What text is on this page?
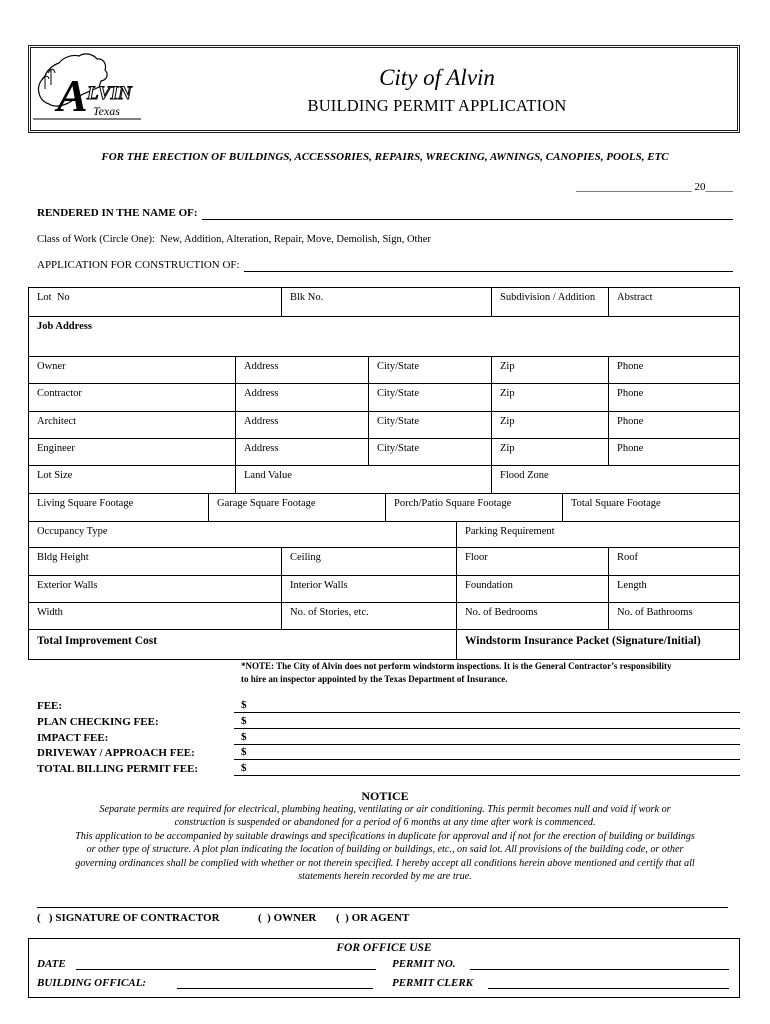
A LVIN
Texas
City of Alvin
BUILDING PERMIT APPLICATION
FOR THE ERECTION OF BUILDINGS, ACCESSORIES, REPAIRS, WRECKING, AWNINGS, CANOPIES, POOLS, ETC
_____________________ 20_____
RENDERED IN THE NAME OF:
Class of Work (Circle One):  New, Addition, Alteration, Repair, Move, Demolish, Sign, Other
APPLICATION FOR CONSTRUCTION OF:
Lot  No	Blk No.	Subdivision / Addition	Abstract
Job Address
Owner	Address	City/State	Zip	Phone
Contractor	Address	City/State	Zip	Phone
Architect	Address	City/State	Zip	Phone
Engineer	Address	City/State	Zip	Phone
Lot Size	Land Value	Flood Zone
Living Square Footage	Garage Square Footage	Porch/Patio Square Footage	Total Square Footage
Occupancy Type	Parking Requirement
Bldg Height	Ceiling	Floor	Roof
Exterior Walls	Interior Walls	Foundation	Length
Width	No. of Stories, etc.	No. of Bedrooms	No. of Bathrooms
Total Improvement Cost	Windstorm Insurance Packet (Signature/Initial)
*NOTE: The City of Alvin does not perform windstorm inspections. It is the General Contractor’s responsibility
to hire an inspector appointed by the Texas Department of Insurance.
FEE:	$
PLAN CHECKING FEE:	$
IMPACT FEE:	$
DRIVEWAY / APPROACH FEE:	$
TOTAL BILLING PERMIT FEE:	$
NOTICE
Separate permits are required for electrical, plumbing heating, ventilating or air conditioning. This permit becomes null and void if work or
construction is suspended or abandoned for a period of 6 months at any time after work is commenced.
This application to be accompanied by suitable drawings and specifications in duplicate for approval and if not for the erection of building or buildings
or other type of structure. A plot plan indicating the location of building or buildings, etc., on said lot. All provisions of the building code, or other
governing ordinances shall be complied with whether or not therein specified. I hereby accept all conditions herein above mentioned and certify that all
statements herein recorded by me are true.
(   ) SIGNATURE OF CONTRACTOR	(  ) OWNER (  ) OR AGENT
FOR OFFICE USE
DATE	PERMIT NO.
BUILDING OFFICAL:	PERMIT CLERK
